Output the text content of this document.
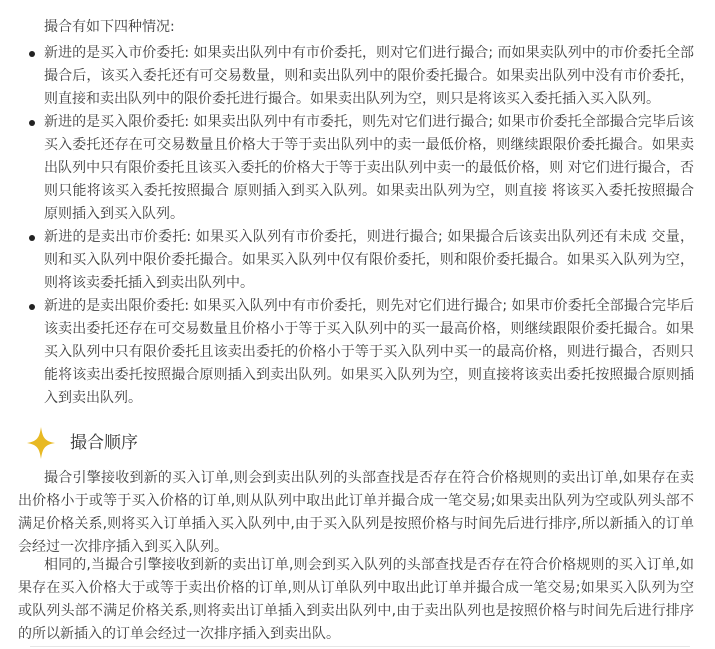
撮合有如下四种情况:

新进的是买入市价委托: 如果卖出队列中有市价委托，则对它们进行撮合; 而如果卖队列中的市价委托全部撮合后，该买入委托还有可交易数量，则和卖出队列中的限价委托撮合。如果卖出队列中没有市价委托，则直接和卖出队列中的限价委托进行撮合。如果卖出队列为空，则只是将该买入委托插入买入队列。
新进的是买入限价委托: 如果卖出队列中有市委托，则先对它们进行撮合; 如果市价委托全部撮合完毕后该买入委托还存在可交易数量且价格大于等于卖出队列中的卖一最低价格，则继续跟限价委托撮合。如果卖出队列中只有限价委托且该买入委托的价格大于等于卖出队列中卖一的最低价格，则 对它们进行撮合，否则只能将该买入委托按照撮合 原则插入到买入队列。如果卖出队列为空，则直接 将该买入委托按照撮合原则插入到买入队列。
新进的是卖出市价委托: 如果买入队列有市价委托，则进行撮合; 如果撮合后该卖出队列还有未成 交量，则和买入队列中限价委托撮合。如果买入队列中仅有限价委托，则和限价委托撮合。如果买入队列为空，则将该卖委托插入到卖出队列中。
新进的是卖出限价委托: 如果买入队列中有市价委托，则先对它们进行撮合; 如果市价委托全部撮合完毕后该卖出委托还存在可交易数量且价格小于等于买入队列中的买一最高价格，则继续跟限价委托撮合。如果买入队列中只有限价委托且该卖出委托的价格小于等于买入队列中买一的最高价格，则进行撮合，否则只能将该卖出委托按照撮合原则插入到卖出队列。如果买入队列为空，则直接将该卖出委托按照撮合原则插入到卖出队列。
撮合顺序

撮合引擎接收到新的买入订单,则会到卖出队列的头部查找是否存在符合价格规则的卖出订单,如果存在卖出价格小于或等于买入价格的订单,则从队列中取出此订单并撮合成一笔交易;如果卖出队列为空或队列头部不满足价格关系,则将买入订单插入买入队列中,由于买入队列是按照价格与时间先后进行排序,所以新插入的订单会经过一次排序插入到买入队列。

相同的,当撮合引擎接收到新的卖出订单,则会到买入队列的头部查找是否存在符合价格规则的买入订单,如果存在买入价格大于或等于卖出价格的订单,则从订单队列中取出此订单并撮合成一笔交易;如果买入队列为空或队列头部不满足价格关系,则将卖出订单插入到卖出队列中,由于卖出队列也是按照价格与时间先后进行排序的所以新插入的订单会经过一次排序插入到卖出队。
